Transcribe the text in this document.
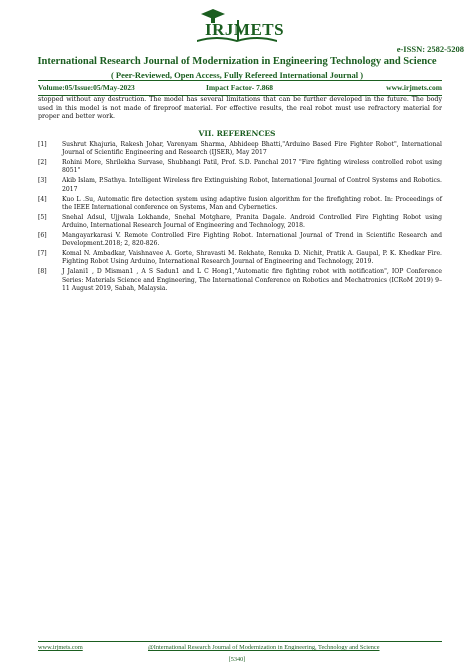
IRJMETS
e-ISSN: 2582-5208
International Research Journal of Modernization in Engineering Technology and Science
( Peer-Reviewed, Open Access, Fully Refereed International Journal )
Volume:05/Issue:05/May-2023	Impact Factor- 7.868	www.irjmets.com
stopped without any destruction. The model has several limitations that can be further developed in the future. The body used in this model is not made of fireproof material. For effective results, the real robot must use refractory material for proper and better work.
VII. REFERENCES
[1]	Sushrut Khajuria, Rakesh Johar, Varenyam Sharma, Abhideep Bhatti,"Arduino Based Fire Fighter Robot", International Journal of Scientific Engineering and Research (IJSER), May 2017
[2]	Rohini More, Shrilekha Survase, Shubhangi Patil, Prof. S.D. Panchal 2017 "Fire fighting wireless controlled robot using 8051"
[3]	Akib Islam, P.Sathya. Intelligent Wireless fire Extinguishing Robot, International Journal of Control Systems and Robotics. 2017
[4]	Kuo L .Su, Automatic fire detection system using adaptive fusion algorithm for the firefighting robot. In: Proceedings of the IEEE International conference on Systems, Man and Cybernetics.
[5]	Snehal Adsul, Ujjwala Lokhande, Snehal Motghare, Pranita Dagale. Android Controlled Fire Fighting Robot using Arduino, International Research Journal of Engineering and Technology, 2018.
[6]	Mangayarkarasi V. Remote Controlled Fire Fighting Robot. International Journal of Trend in Scientific Research and Development.2018; 2, 820-826.
[7]	Komal N. Ambadkar, Vaishnavee A. Gorte, Shravasti M. Rekhate, Renuka D. Nichit, Pratik A. Gaupal, P. K. Khedkar Fire. Fighting Robot Using Arduino, International Research Journal of Engineering and Technology, 2019.
[8]	J Jalani1 , D Misman1 , A S Sadun1 and L C Hong1,"Automatic fire fighting robot with notification", IOP Conference Series: Materials Science and Engineering, The International Conference on Robotics and Mechatronics (ICRoM 2019) 9–11 August 2019, Sabah, Malaysia.
www.irjmets.com	@International Research Journal of Modernization in Engineering, Technology and Science
[5340]
